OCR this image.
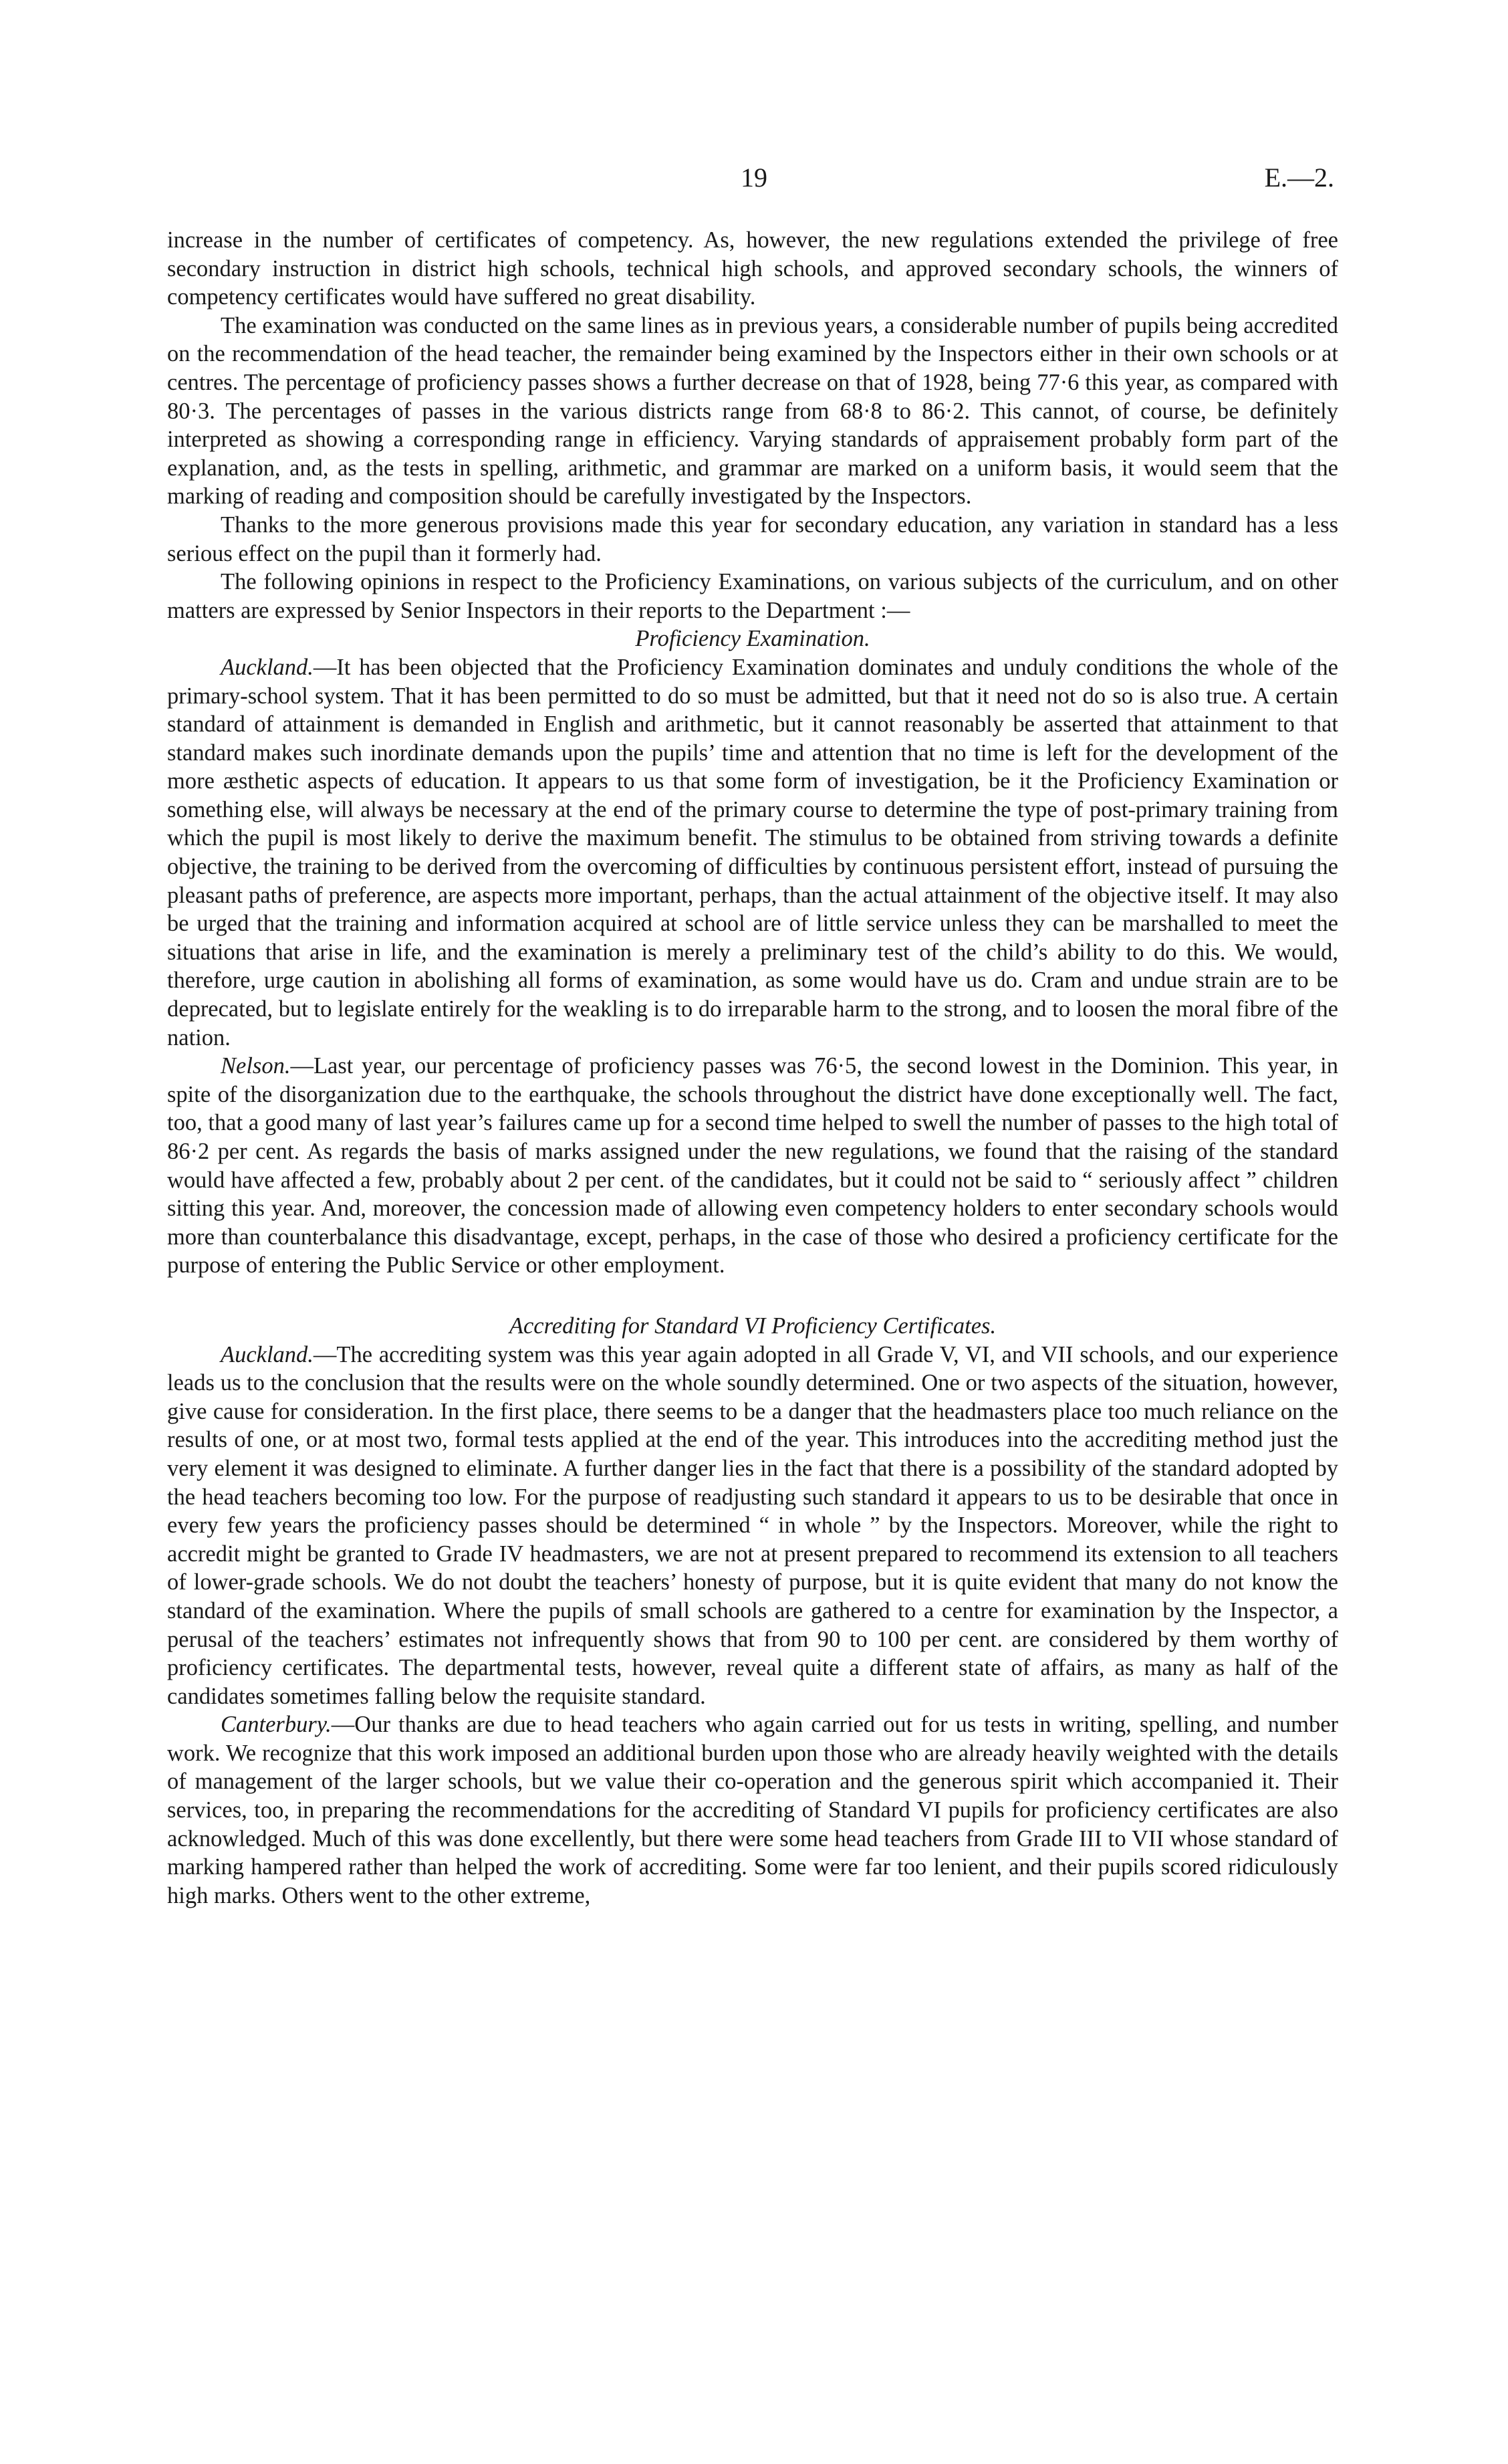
19	E.—2.

increase in the number of certificates of competency. As, however, the new regulations extended the privilege of free secondary instruction in district high schools, technical high schools, and approved secondary schools, the winners of competency certificates would have suffered no great disability.

The examination was conducted on the same lines as in previous years, a considerable number of pupils being accredited on the recommendation of the head teacher, the remainder being examined by the Inspectors either in their own schools or at centres. The percentage of proficiency passes shows a further decrease on that of 1928, being 77·6 this year, as compared with 80·3. The percentages of passes in the various districts range from 68·8 to 86·2. This cannot, of course, be definitely interpreted as showing a corresponding range in efficiency. Varying standards of appraisement probably form part of the explanation, and, as the tests in spelling, arithmetic, and grammar are marked on a uniform basis, it would seem that the marking of reading and composition should be carefully investigated by the Inspectors.

Thanks to the more generous provisions made this year for secondary education, any variation in standard has a less serious effect on the pupil than it formerly had.

The following opinions in respect to the Proficiency Examinations, on various subjects of the curriculum, and on other matters are expressed by Senior Inspectors in their reports to the Department :—

Proficiency Examination.

Auckland.—It has been objected that the Proficiency Examination dominates and unduly conditions the whole of the primary-school system. That it has been permitted to do so must be admitted, but that it need not do so is also true. A certain standard of attainment is demanded in English and arithmetic, but it cannot reasonably be asserted that attainment to that standard makes such inordinate demands upon the pupils’ time and attention that no time is left for the development of the more æsthetic aspects of education. It appears to us that some form of investigation, be it the Proficiency Examination or something else, will always be necessary at the end of the primary course to determine the type of post-primary training from which the pupil is most likely to derive the maximum benefit. The stimulus to be obtained from striving towards a definite objective, the training to be derived from the overcoming of difficulties by continuous persistent effort, instead of pursuing the pleasant paths of preference, are aspects more important, perhaps, than the actual attainment of the objective itself. It may also be urged that the training and information acquired at school are of little service unless they can be marshalled to meet the situations that arise in life, and the examination is merely a preliminary test of the child’s ability to do this. We would, therefore, urge caution in abolishing all forms of examination, as some would have us do. Cram and undue strain are to be deprecated, but to legislate entirely for the weakling is to do irreparable harm to the strong, and to loosen the moral fibre of the nation.

Nelson.—Last year, our percentage of proficiency passes was 76·5, the second lowest in the Dominion. This year, in spite of the disorganization due to the earthquake, the schools throughout the district have done exceptionally well. The fact, too, that a good many of last year’s failures came up for a second time helped to swell the number of passes to the high total of 86·2 per cent. As regards the basis of marks assigned under the new regulations, we found that the raising of the standard would have affected a few, probably about 2 per cent. of the candidates, but it could not be said to “ seriously affect ” children sitting this year. And, moreover, the concession made of allowing even competency holders to enter secondary schools would more than counterbalance this disadvantage, except, perhaps, in the case of those who desired a proficiency certificate for the purpose of entering the Public Service or other employment.

Accrediting for Standard VI Proficiency Certificates.

Auckland.—The accrediting system was this year again adopted in all Grade V, VI, and VII schools, and our experience leads us to the conclusion that the results were on the whole soundly determined. One or two aspects of the situation, however, give cause for consideration. In the first place, there seems to be a danger that the headmasters place too much reliance on the results of one, or at most two, formal tests applied at the end of the year. This introduces into the accrediting method just the very element it was designed to eliminate. A further danger lies in the fact that there is a possibility of the standard adopted by the head teachers becoming too low. For the purpose of readjusting such standard it appears to us to be desirable that once in every few years the proficiency passes should be determined “ in whole ” by the Inspectors. Moreover, while the right to accredit might be granted to Grade IV headmasters, we are not at present prepared to recommend its extension to all teachers of lower-grade schools. We do not doubt the teachers’ honesty of purpose, but it is quite evident that many do not know the standard of the examination. Where the pupils of small schools are gathered to a centre for examination by the Inspector, a perusal of the teachers’ estimates not infrequently shows that from 90 to 100 per cent. are considered by them worthy of proficiency certificates. The departmental tests, however, reveal quite a different state of affairs, as many as half of the candidates sometimes falling below the requisite standard.

Canterbury.—Our thanks are due to head teachers who again carried out for us tests in writing, spelling, and number work. We recognize that this work imposed an additional burden upon those who are already heavily weighted with the details of management of the larger schools, but we value their co-operation and the generous spirit which accompanied it. Their services, too, in preparing the recommendations for the accrediting of Standard VI pupils for proficiency certificates are also acknowledged. Much of this was done excellently, but there were some head teachers from Grade III to VII whose standard of marking hampered rather than helped the work of accrediting. Some were far too lenient, and their pupils scored ridiculously high marks. Others went to the other extreme,
